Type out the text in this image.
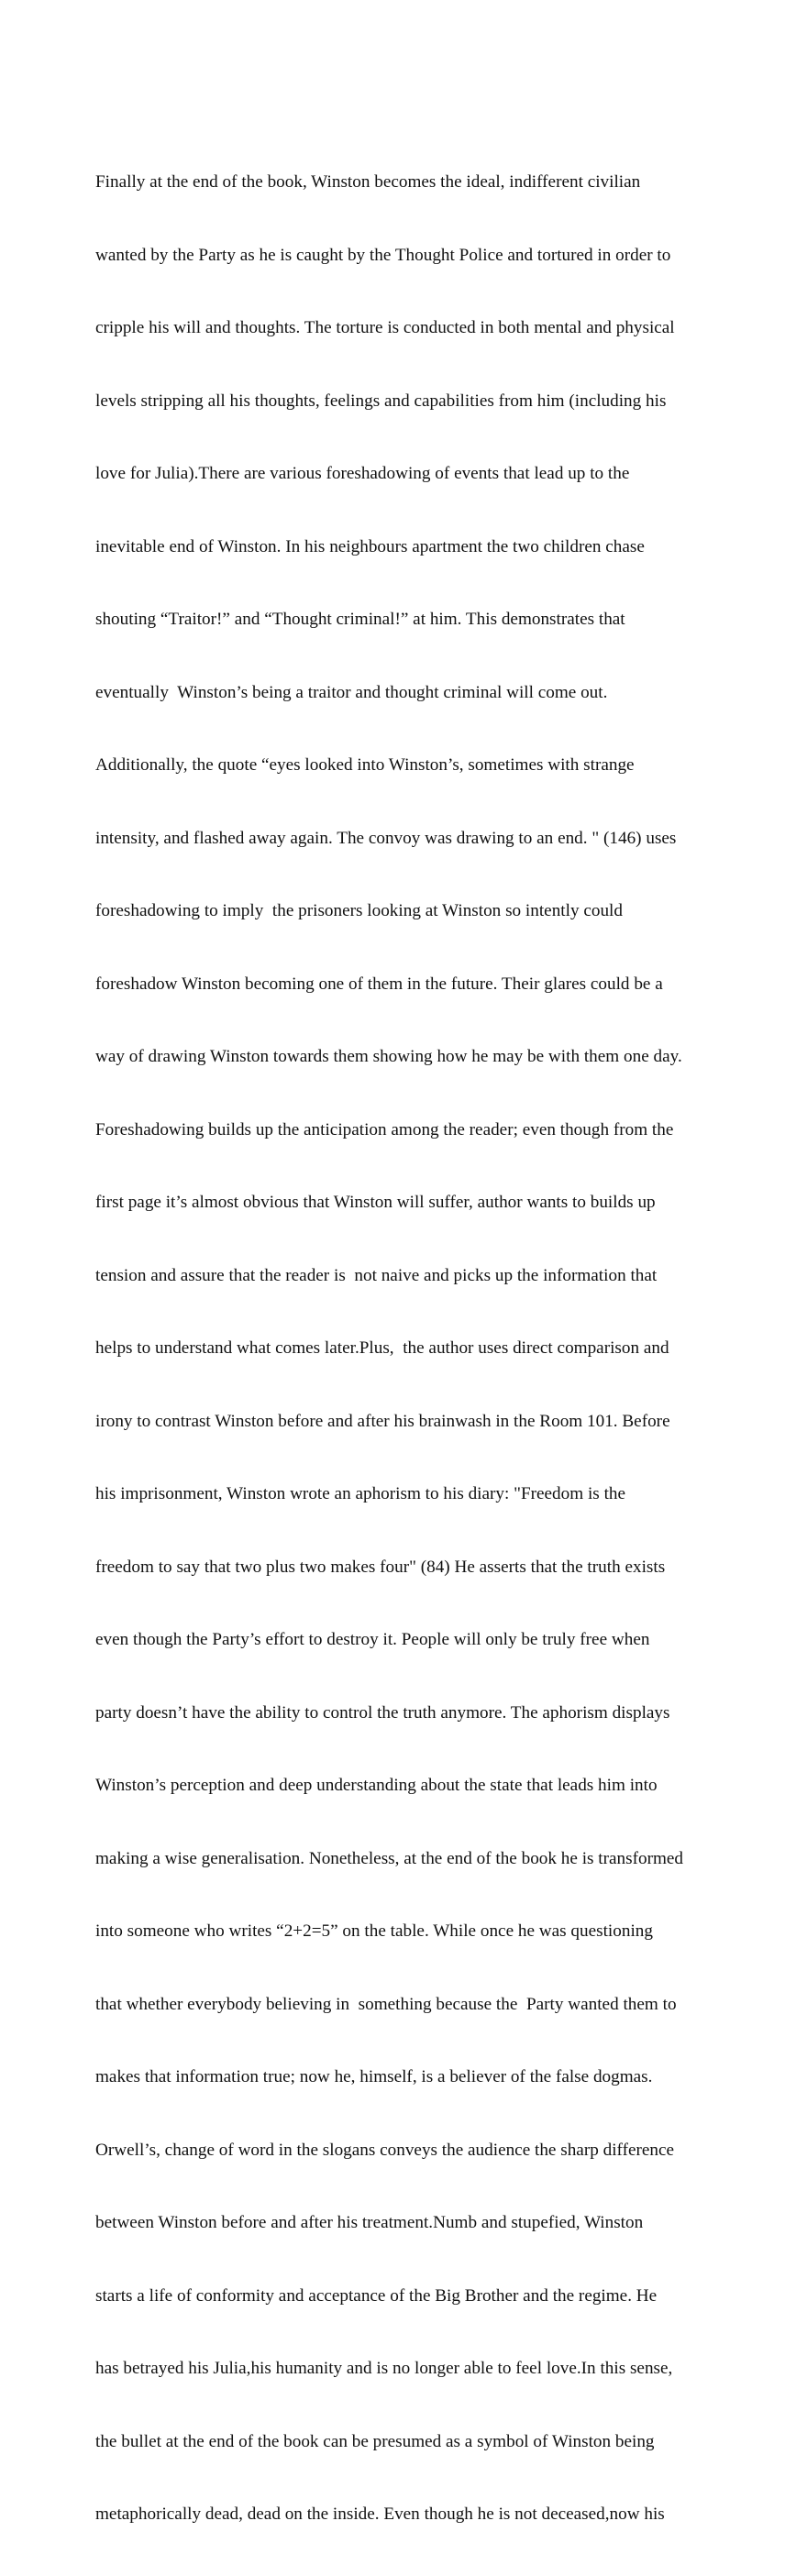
Finally at the end of the book, Winston becomes the ideal, indifferent civilian

wanted by the Party as he is caught by the Thought Police and tortured in order to

cripple his will and thoughts. The torture is conducted in both mental and physical

levels stripping all his thoughts, feelings and capabilities from him (including his

love for Julia).There are various foreshadowing of events that lead up to the

inevitable end of Winston. In his neighbours apartment the two children chase

shouting “Traitor!” and “Thought criminal!” at him. This demonstrates that

eventually  Winston’s being a traitor and thought criminal will come out.

Additionally, the quote “eyes looked into Winston’s, sometimes with strange

intensity, and flashed away again. The convoy was drawing to an end. " (146) uses

foreshadowing to imply  the prisoners looking at Winston so intently could

foreshadow Winston becoming one of them in the future. Their glares could be a

way of drawing Winston towards them showing how he may be with them one day.

Foreshadowing builds up the anticipation among the reader; even though from the

first page it’s almost obvious that Winston will suffer, author wants to builds up

tension and assure that the reader is  not naive and picks up the information that

helps to understand what comes later.Plus,  the author uses direct comparison and

irony to contrast Winston before and after his brainwash in the Room 101. Before

his imprisonment, Winston wrote an aphorism to his diary: "Freedom is the

freedom to say that two plus two makes four" (84) He asserts that the truth exists

even though the Party’s effort to destroy it. People will only be truly free when

party doesn’t have the ability to control the truth anymore. The aphorism displays

Winston’s perception and deep understanding about the state that leads him into

making a wise generalisation. Nonetheless, at the end of the book he is transformed

into someone who writes “2+2=5” on the table. While once he was questioning

that whether everybody believing in  something because the  Party wanted them to

makes that information true; now he, himself, is a believer of the false dogmas.

Orwell’s, change of word in the slogans conveys the audience the sharp difference

between Winston before and after his treatment.Numb and stupefied, Winston

starts a life of conformity and acceptance of the Big Brother and the regime. He

has betrayed his Julia,his humanity and is no longer able to feel love.In this sense,

the bullet at the end of the book can be presumed as a symbol of Winston being

metaphorically dead, dead on the inside. Even though he is not deceased,now his
